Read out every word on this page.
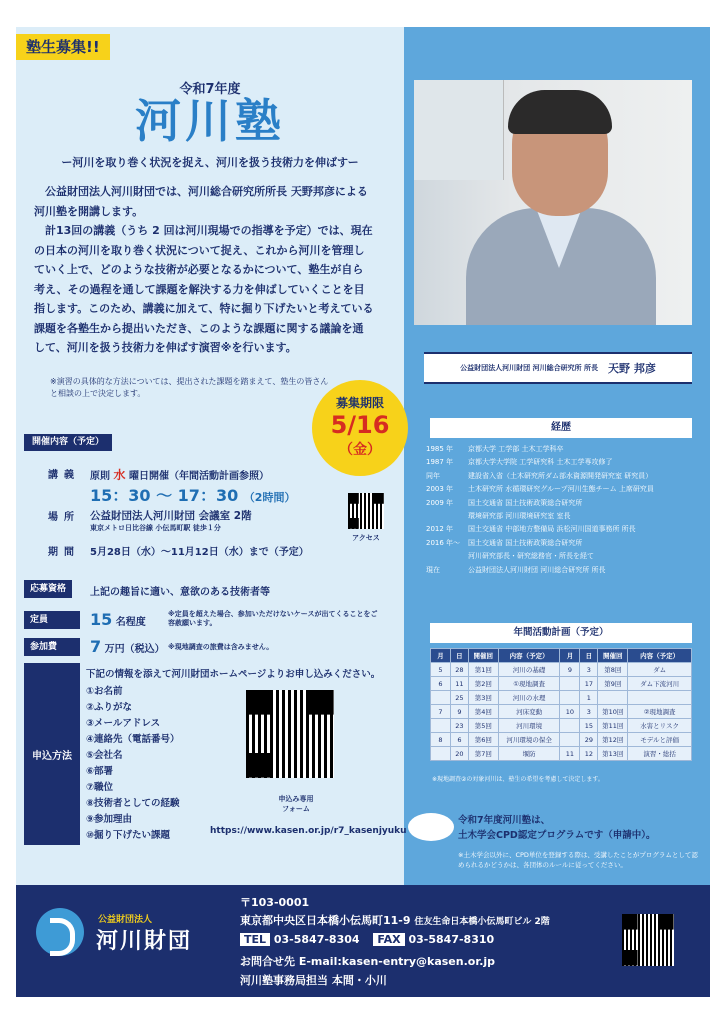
塾生募集!!
令和7年度
河川塾
ー河川を取り巻く状況を捉え、河川を扱う技術力を伸ばすー

公益財団法人河川財団では、河川総合研究所所長 天野邦彦による河川塾を開講します。

計13回の講義（うち 2 回は河川現場での指導を予定）では、現在の日本の河川を取り巻く状況について捉え、これから河川を管理していく上で、どのような技術が必要となるかについて、塾生が自ら考え、その過程を通して課題を解決する力を伸ばしていくことを目指します。このため、講義に加えて、特に掘り下げたいと考えている課題を各塾生から提出いただき、このような課題に関する議論を通して、河川を扱う技術力を伸ばす演習※を行います。

※演習の具体的な方法については、提出された課題を踏まえて、塾生の皆さんと相談の上で決定します。
募集期限
5/16
（金）
開催内容（予定）
講義 原則 水 曜日開催（年間活動計画参照）
15：30 ～ 17：30 （2時間）
場所 公益財団法人河川財団 会議室 2階
東京メトロ日比谷線 小伝馬町駅 徒歩１分
期間 5月28日（水）～11月12日（水）まで（予定）
アクセス
応募資格	上記の趣旨に適い、意欲のある技術者等
定員	15 名程度
※定員を超えた場合、参加いただけないケースが出てくることをご容赦願います。
参加費	7 万円（税込） ※現地調査の旅費は含みません。
申込方法
下記の情報を添えて河川財団ホームページよりお申し込みください。
①お名前
②ふりがな
③メールアドレス
④連絡先（電話番号）
⑤会社名
⑥部署
⑦職位
⑧技術者としての経験
⑨参加理由
⑩掘り下げたい課題
申込み専用
フォーム
https://www.kasen.or.jp/r7_kasenjyuku
公益財団法人河川財団 河川総合研究所 所長 天野 邦彦
経歴
1985 年	京都大学 工学部 土木工学科卒
1987 年	京都大学大学院 工学研究科 土木工学専攻修了
同年	建設省入省（土木研究所ダム部水資源開発研究室 研究員）
2003 年	土木研究所 水循環研究グループ河川生態チーム 上席研究員
2009 年	国土交通省 国土技術政策総合研究所
環境研究部 河川環境研究室 室長
2012 年	国土交通省 中部地方整備局 浜松河川国道事務所 所長
2016 年～	国土交通省 国土技術政策総合研究所
河川研究部長・研究総務官・所長を経て
現在	公益財団法人河川財団 河川総合研究所 所長
年間活動計画（予定）
月	日	開催回	内容（予定）	月	日	開催回	内容（予定）
5	28	第1回	河川の基礎	9	3	第8回	ダム
6	11	第2回	①現地調査		17	第9回	ダム下流河川
	25	第3回	河川の水理		1		
7	9	第4回	河床変動	10	3	第10回	②現地調査
	23	第5回	河川環境		15	第11回	水害とリスク
8	6	第6回	河川環境の保全		29	第12回	モデルと評価
	20	第7回	堰防	11	12	第13回	演習・総括
※現地調査②の対象河川は、塾生の希望を考慮して決定します。
令和7年度河川塾は、
土木学会CPD認定プログラムです（申請中）。
※土木学会以外に、CPD単位を登録する際は、受講したことがプログラムとして認められるかどうかは、各団体のルールに従ってください。
公益財団法人
河川財団
〒103-0001
東京都中央区日本橋小伝馬町11-9 住友生命日本橋小伝馬町ビル 2階
TEL 03-5847-8304 FAX 03-5847-8310
お問合せ先 E-mail:kasen-entry@kasen.or.jp
河川塾事務局担当 本間・小川
